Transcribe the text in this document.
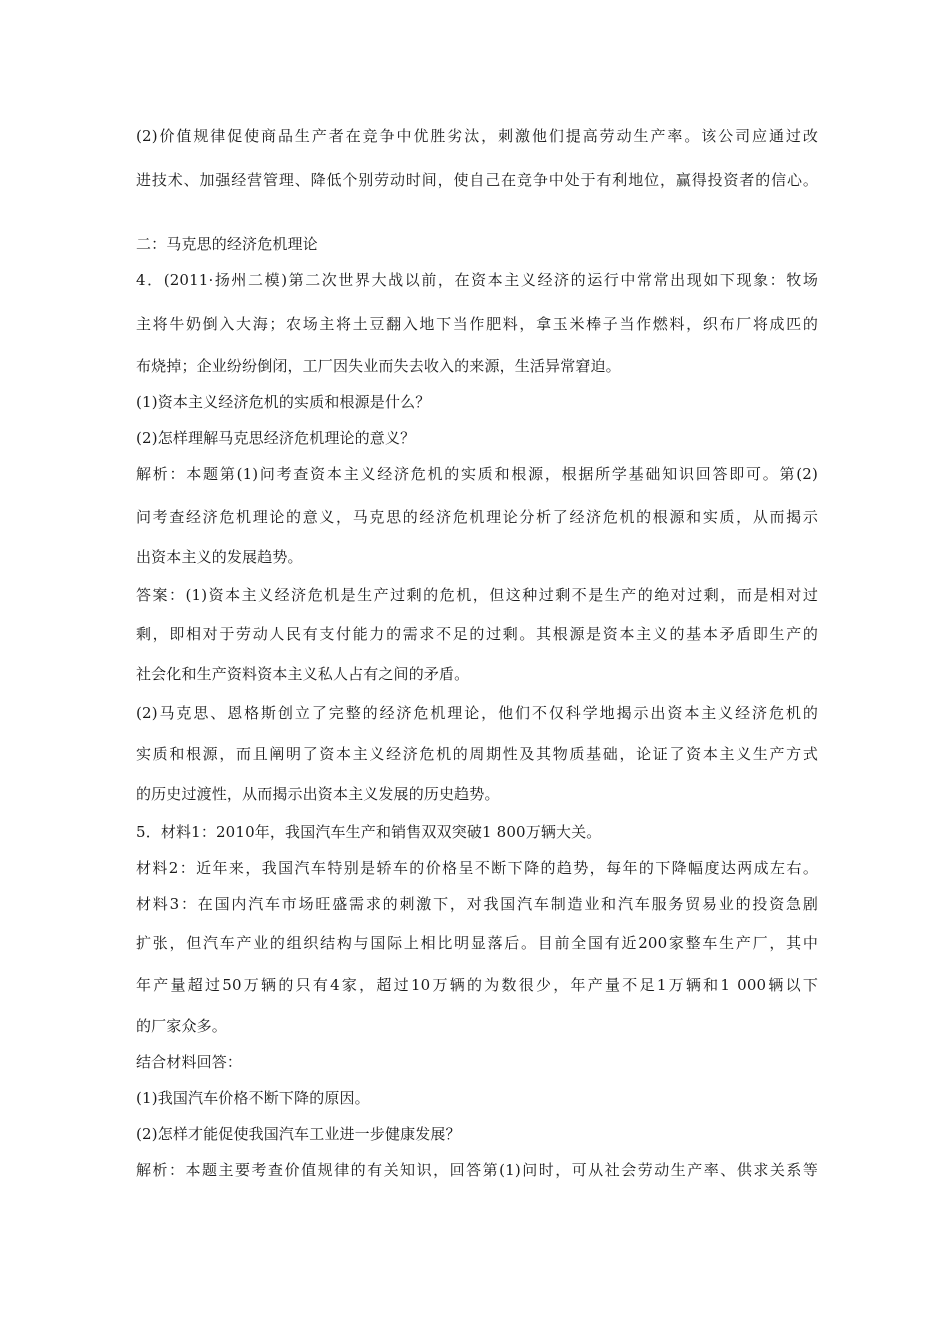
(2)价值规律促使商品生产者在竞争中优胜劣汰，刺激他们提高劳动生产率。该公司应通过改
进技术、加强经营管理、降低个别劳动时间，使自己在竞争中处于有利地位，赢得投资者的信心。
二：马克思的经济危机理论
4．(2011·扬州二模)第二次世界大战以前，在资本主义经济的运行中常常出现如下现象：牧场
主将牛奶倒入大海；农场主将土豆翻入地下当作肥料，拿玉米棒子当作燃料，织布厂将成匹的
布烧掉；企业纷纷倒闭，工厂因失业而失去收入的来源，生活异常窘迫。
(1)资本主义经济危机的实质和根源是什么？
(2)怎样理解马克思经济危机理论的意义？
解析：本题第(1)问考查资本主义经济危机的实质和根源，根据所学基础知识回答即可。第(2)
问考查经济危机理论的意义，马克思的经济危机理论分析了经济危机的根源和实质，从而揭示
出资本主义的发展趋势。
答案：(1)资本主义经济危机是生产过剩的危机，但这种过剩不是生产的绝对过剩，而是相对过
剩，即相对于劳动人民有支付能力的需求不足的过剩。其根源是资本主义的基本矛盾即生产的
社会化和生产资料资本主义私人占有之间的矛盾。
(2)马克思、恩格斯创立了完整的经济危机理论，他们不仅科学地揭示出资本主义经济危机的
实质和根源，而且阐明了资本主义经济危机的周期性及其物质基础，论证了资本主义生产方式
的历史过渡性，从而揭示出资本主义发展的历史趋势。
5．材料1：2010年，我国汽车生产和销售双双突破1 800万辆大关。
材料2：近年来，我国汽车特别是轿车的价格呈不断下降的趋势，每年的下降幅度达两成左右。
材料3：在国内汽车市场旺盛需求的刺激下，对我国汽车制造业和汽车服务贸易业的投资急剧
扩张，但汽车产业的组织结构与国际上相比明显落后。目前全国有近200家整车生产厂，其中
年产量超过50万辆的只有4家，超过10万辆的为数很少，年产量不足1万辆和1 000辆以下
的厂家众多。
结合材料回答：
(1)我国汽车价格不断下降的原因。
(2)怎样才能促使我国汽车工业进一步健康发展？
解析：本题主要考查价值规律的有关知识，回答第(1)问时，可从社会劳动生产率、供求关系等
